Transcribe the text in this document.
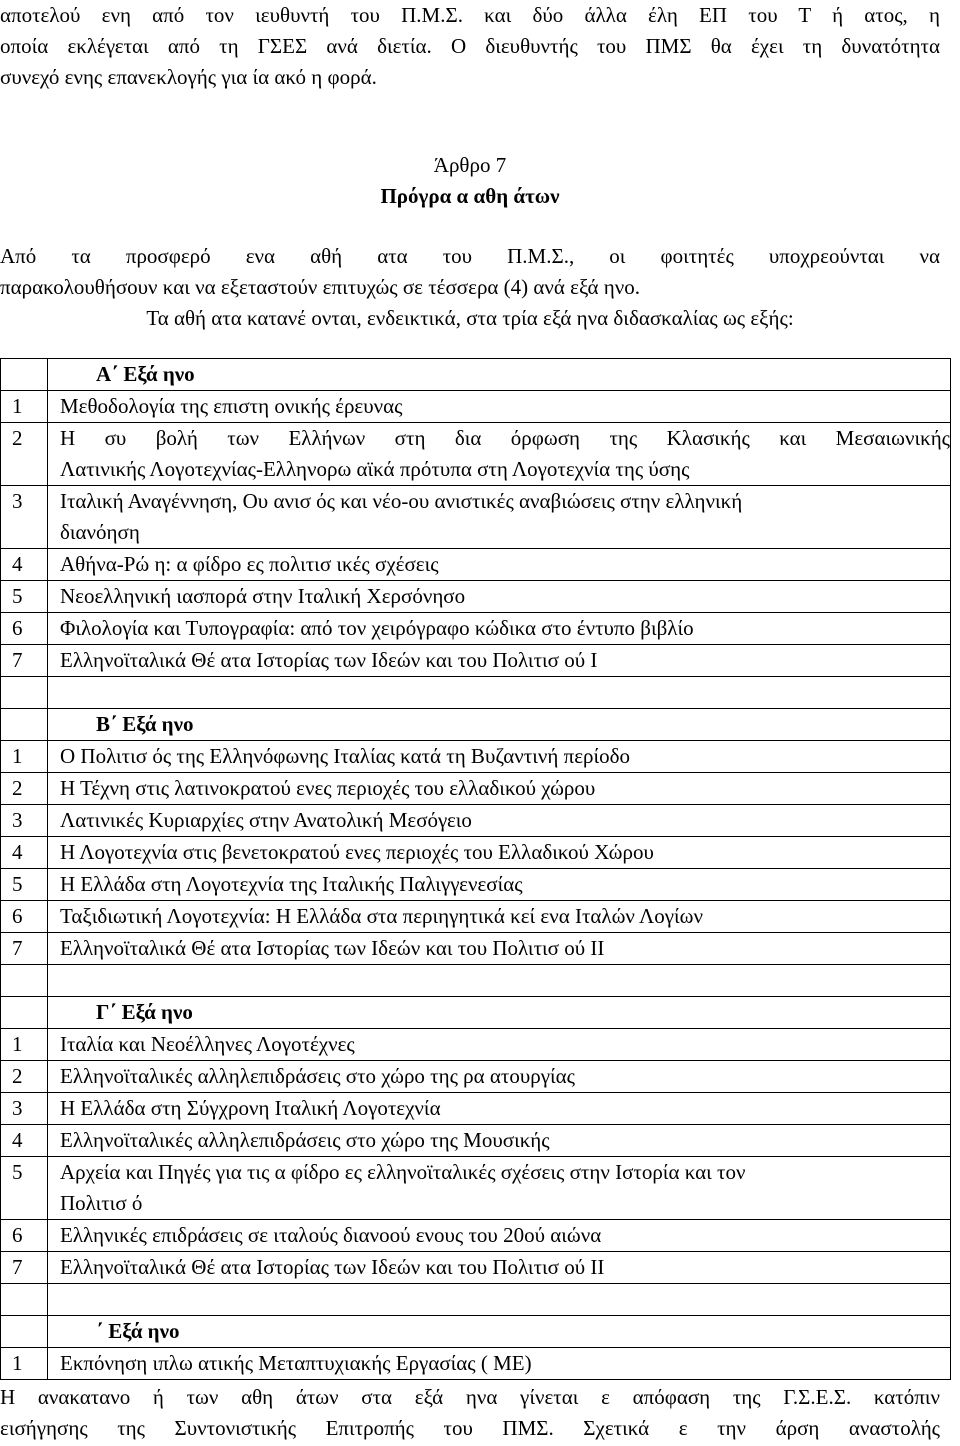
αποτελού ενη από τον ιευθυντή του Π.Μ.Σ. και δύο άλλα έλη ΕΠ του Τ ή ατος, η
οποία εκλέγεται από τη ΓΣΕΣ ανά διετία. Ο διευθυντής του ΠΜΣ θα έχει τη δυνατότητα
συνεχό ενης επανεκλογής για ία ακό η φορά.
Άρθρο 7
Πρόγρα α αθη άτων
Από τα προσφερό ενα αθή ατα του Π.Μ.Σ., οι φοιτητές υποχρεούνται να
παρακολουθήσουν και να εξεταστούν επιτυχώς σε τέσσερα (4) ανά εξά ηνο.
Τα αθή ατα κατανέ ονται, ενδεικτικά, στα τρία εξά ηνα διδασκαλίας ως εξής:
	Α΄ Εξά ηνο
1	Μεθοδολογία της επιστη ονικής έρευνας

2	Η συ βολή των Ελλήνων στη δια όρφωση της Κλασικής και Μεσαιωνικής
Λατινικής Λογοτεχνίας-Ελληνορω αϊκά πρότυπα στη Λογοτεχνία της ύσης

3	Ιταλική Αναγέννηση, Ου ανισ ός και νέο-ου ανιστικές αναβιώσεις στην ελληνική
διανόηση

4	Αθήνα-Ρώ η: α φίδρο ες πολιτισ ικές σχέσεις

5	Νεοελληνική ιασπορά στην Ιταλική Χερσόνησο

6	Φιλολογία και Τυπογραφία: από τον χειρόγραφο κώδικα στο έντυπο βιβλίο

7	Ελληνοϊταλικά Θέ ατα Ιστορίας των Ιδεών και του Πολιτισ ού Ι

	Β΄ Εξά ηνο
1	Ο Πολιτισ ός της Ελληνόφωνης Ιταλίας κατά τη Βυζαντινή περίοδο

2	Η Τέχνη στις λατινοκρατού ενες περιοχές του ελλαδικού χώρου

3	Λατινικές Κυριαρχίες στην Ανατολική Μεσόγειο

4	Η Λογοτεχνία στις βενετοκρατού ενες περιοχές του Ελλαδικού Χώρου

5	Η Ελλάδα στη Λογοτεχνία της Ιταλικής Παλιγγενεσίας

6	Ταξιδιωτική Λογοτεχνία: Η Ελλάδα στα περιηγητικά κεί ενα Ιταλών Λογίων

7	Ελληνοϊταλικά Θέ ατα Ιστορίας των Ιδεών και του Πολιτισ ού ΙΙ

	Γ΄ Εξά ηνο
1	Ιταλία και Νεοέλληνες Λογοτέχνες

2	Ελληνοϊταλικές αλληλεπιδράσεις στο χώρο της ρα ατουργίας

3	Η Ελλάδα στη Σύγχρονη Ιταλική Λογοτεχνία

4	Ελληνοϊταλικές αλληλεπιδράσεις στο χώρο της Μουσικής

5	Αρχεία και Πηγές για τις α φίδρο ες ελληνοϊταλικές σχέσεις στην Ιστορία και τον
Πολιτισ ό

6	Ελληνικές επιδράσεις σε ιταλούς διανοού ενους του 20ού αιώνα

7	Ελληνοϊταλικά Θέ ατα Ιστορίας των Ιδεών και του Πολιτισ ού ΙΙ

	΄ Εξά ηνο
1	Εκπόνηση ιπλω ατικής Μεταπτυχιακής Εργασίας ( ΜΕ)
Η ανακατανο ή των αθη άτων στα εξά ηνα γίνεται ε απόφαση της Γ.Σ.Ε.Σ. κατόπιν
εισήγησης της Συντονιστικής Επιτροπής του ΠΜΣ. Σχετικά ε την άρση αναστολής
